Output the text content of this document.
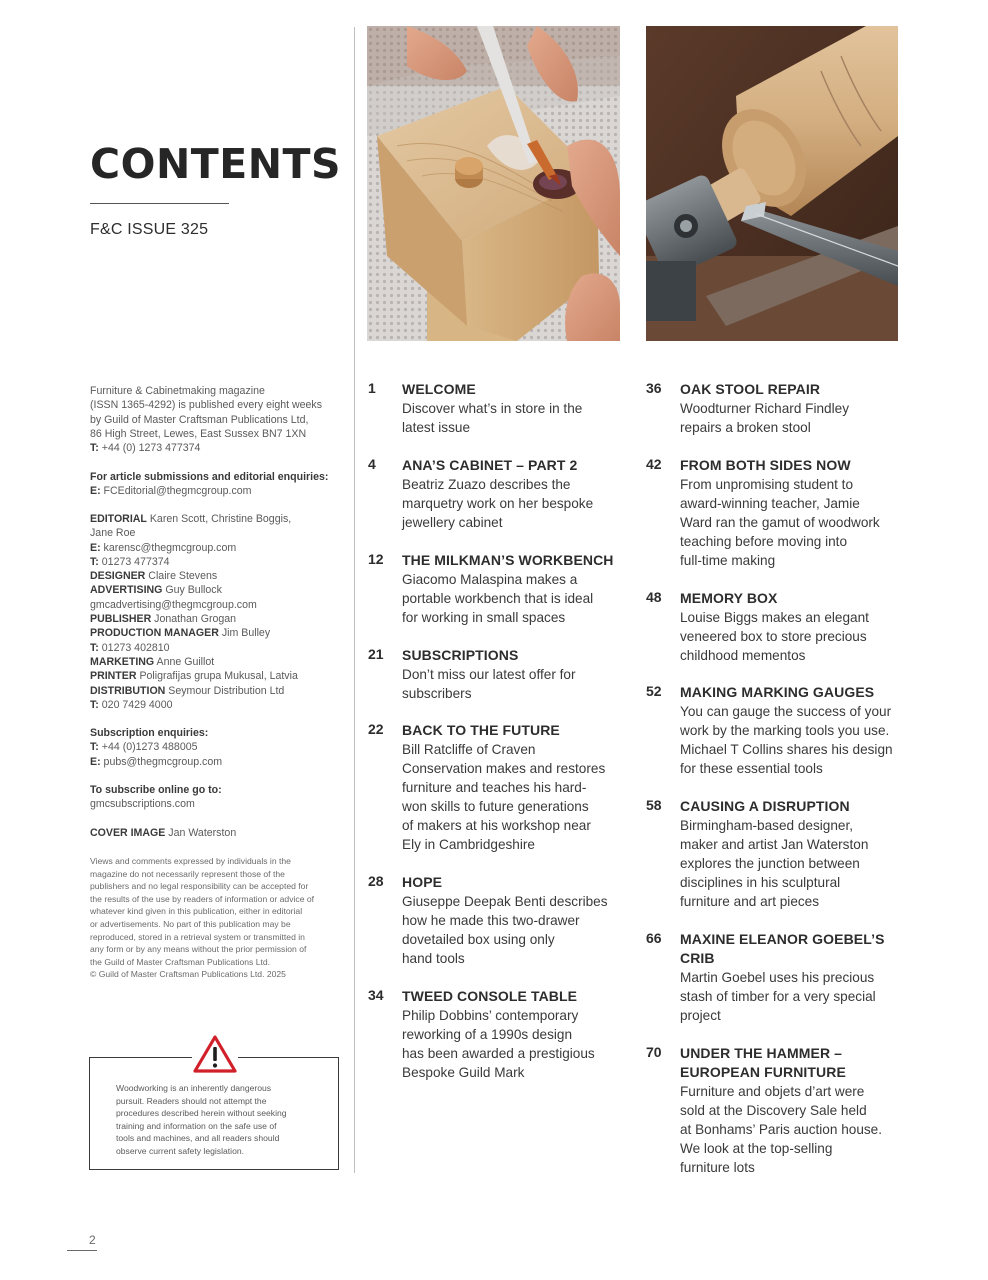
CONTENTS
F&C ISSUE 325
Furniture & Cabinetmaking magazine
(ISSN 1365-4292) is published every eight weeks
by Guild of Master Craftsman Publications Ltd,
86 High Street, Lewes, East Sussex BN7 1XN
T: +44 (0) 1273 477374
For article submissions and editorial enquiries:
E: FCEditorial@thegmcgroup.com
EDITORIAL Karen Scott, Christine Boggis,
Jane Roe
E: karensc@thegmcgroup.com
T: 01273 477374
DESIGNER Claire Stevens
ADVERTISING Guy Bullock
gmcadvertising@thegmcgroup.com
PUBLISHER Jonathan Grogan
PRODUCTION MANAGER Jim Bulley
T: 01273 402810
MARKETING Anne Guillot
PRINTER Poligrafijas grupa Mukusal, Latvia
DISTRIBUTION Seymour Distribution Ltd
T: 020 7429 4000
Subscription enquiries:
T: +44 (0)1273 488005
E: pubs@thegmcgroup.com
To subscribe online go to:
gmcsubscriptions.com
COVER IMAGE Jan Waterston
Views and comments expressed by individuals in the
magazine do not necessarily represent those of the
publishers and no legal responsibility can be accepted for
the results of the use by readers of information or advice of
whatever kind given in this publication, either in editorial
or advertisements. No part of this publication may be
reproduced, stored in a retrieval system or transmitted in
any form or by any means without the prior permission of
the Guild of Master Craftsman Publications Ltd.
© Guild of Master Craftsman Publications Ltd. 2025
Woodworking is an inherently dangerous
pursuit. Readers should not attempt the
procedures described herein without seeking
training and information on the safe use of
tools and machines, and all readers should
observe current safety legislation.
1 WELCOME
Discover what’s in store in the
latest issue
4 ANA’S CABINET – PART 2
Beatriz Zuazo describes the
marquetry work on her bespoke
jewellery cabinet
12 THE MILKMAN’S WORKBENCH
Giacomo Malaspina makes a
portable workbench that is ideal
for working in small spaces
21 SUBSCRIPTIONS
Don’t miss our latest offer for
subscribers
22 BACK TO THE FUTURE
Bill Ratcliffe of Craven
Conservation makes and restores
furniture and teaches his hard-
won skills to future generations
of makers at his workshop near
Ely in Cambridgeshire
28 HOPE
Giuseppe Deepak Benti describes
how he made this two-drawer
dovetailed box using only
hand tools
34 TWEED CONSOLE TABLE
Philip Dobbins’ contemporary
reworking of a 1990s design
has been awarded a prestigious
Bespoke Guild Mark
36 OAK STOOL REPAIR
Woodturner Richard Findley
repairs a broken stool
42 FROM BOTH SIDES NOW
From unpromising student to
award-winning teacher, Jamie
Ward ran the gamut of woodwork
teaching before moving into
full-time making
48 MEMORY BOX
Louise Biggs makes an elegant
veneered box to store precious
childhood mementos
52 MAKING MARKING GAUGES
You can gauge the success of your
work by the marking tools you use.
Michael T Collins shares his design
for these essential tools
58 CAUSING A DISRUPTION
Birmingham-based designer,
maker and artist Jan Waterston
explores the junction between
disciplines in his sculptural
furniture and art pieces
66 MAXINE ELEANOR GOEBEL’S
CRIB
Martin Goebel uses his precious
stash of timber for a very special
project
70 UNDER THE HAMMER –
EUROPEAN FURNITURE
Furniture and objets d’art were
sold at the Discovery Sale held
at Bonhams’ Paris auction house.
We look at the top-selling
furniture lots
2
